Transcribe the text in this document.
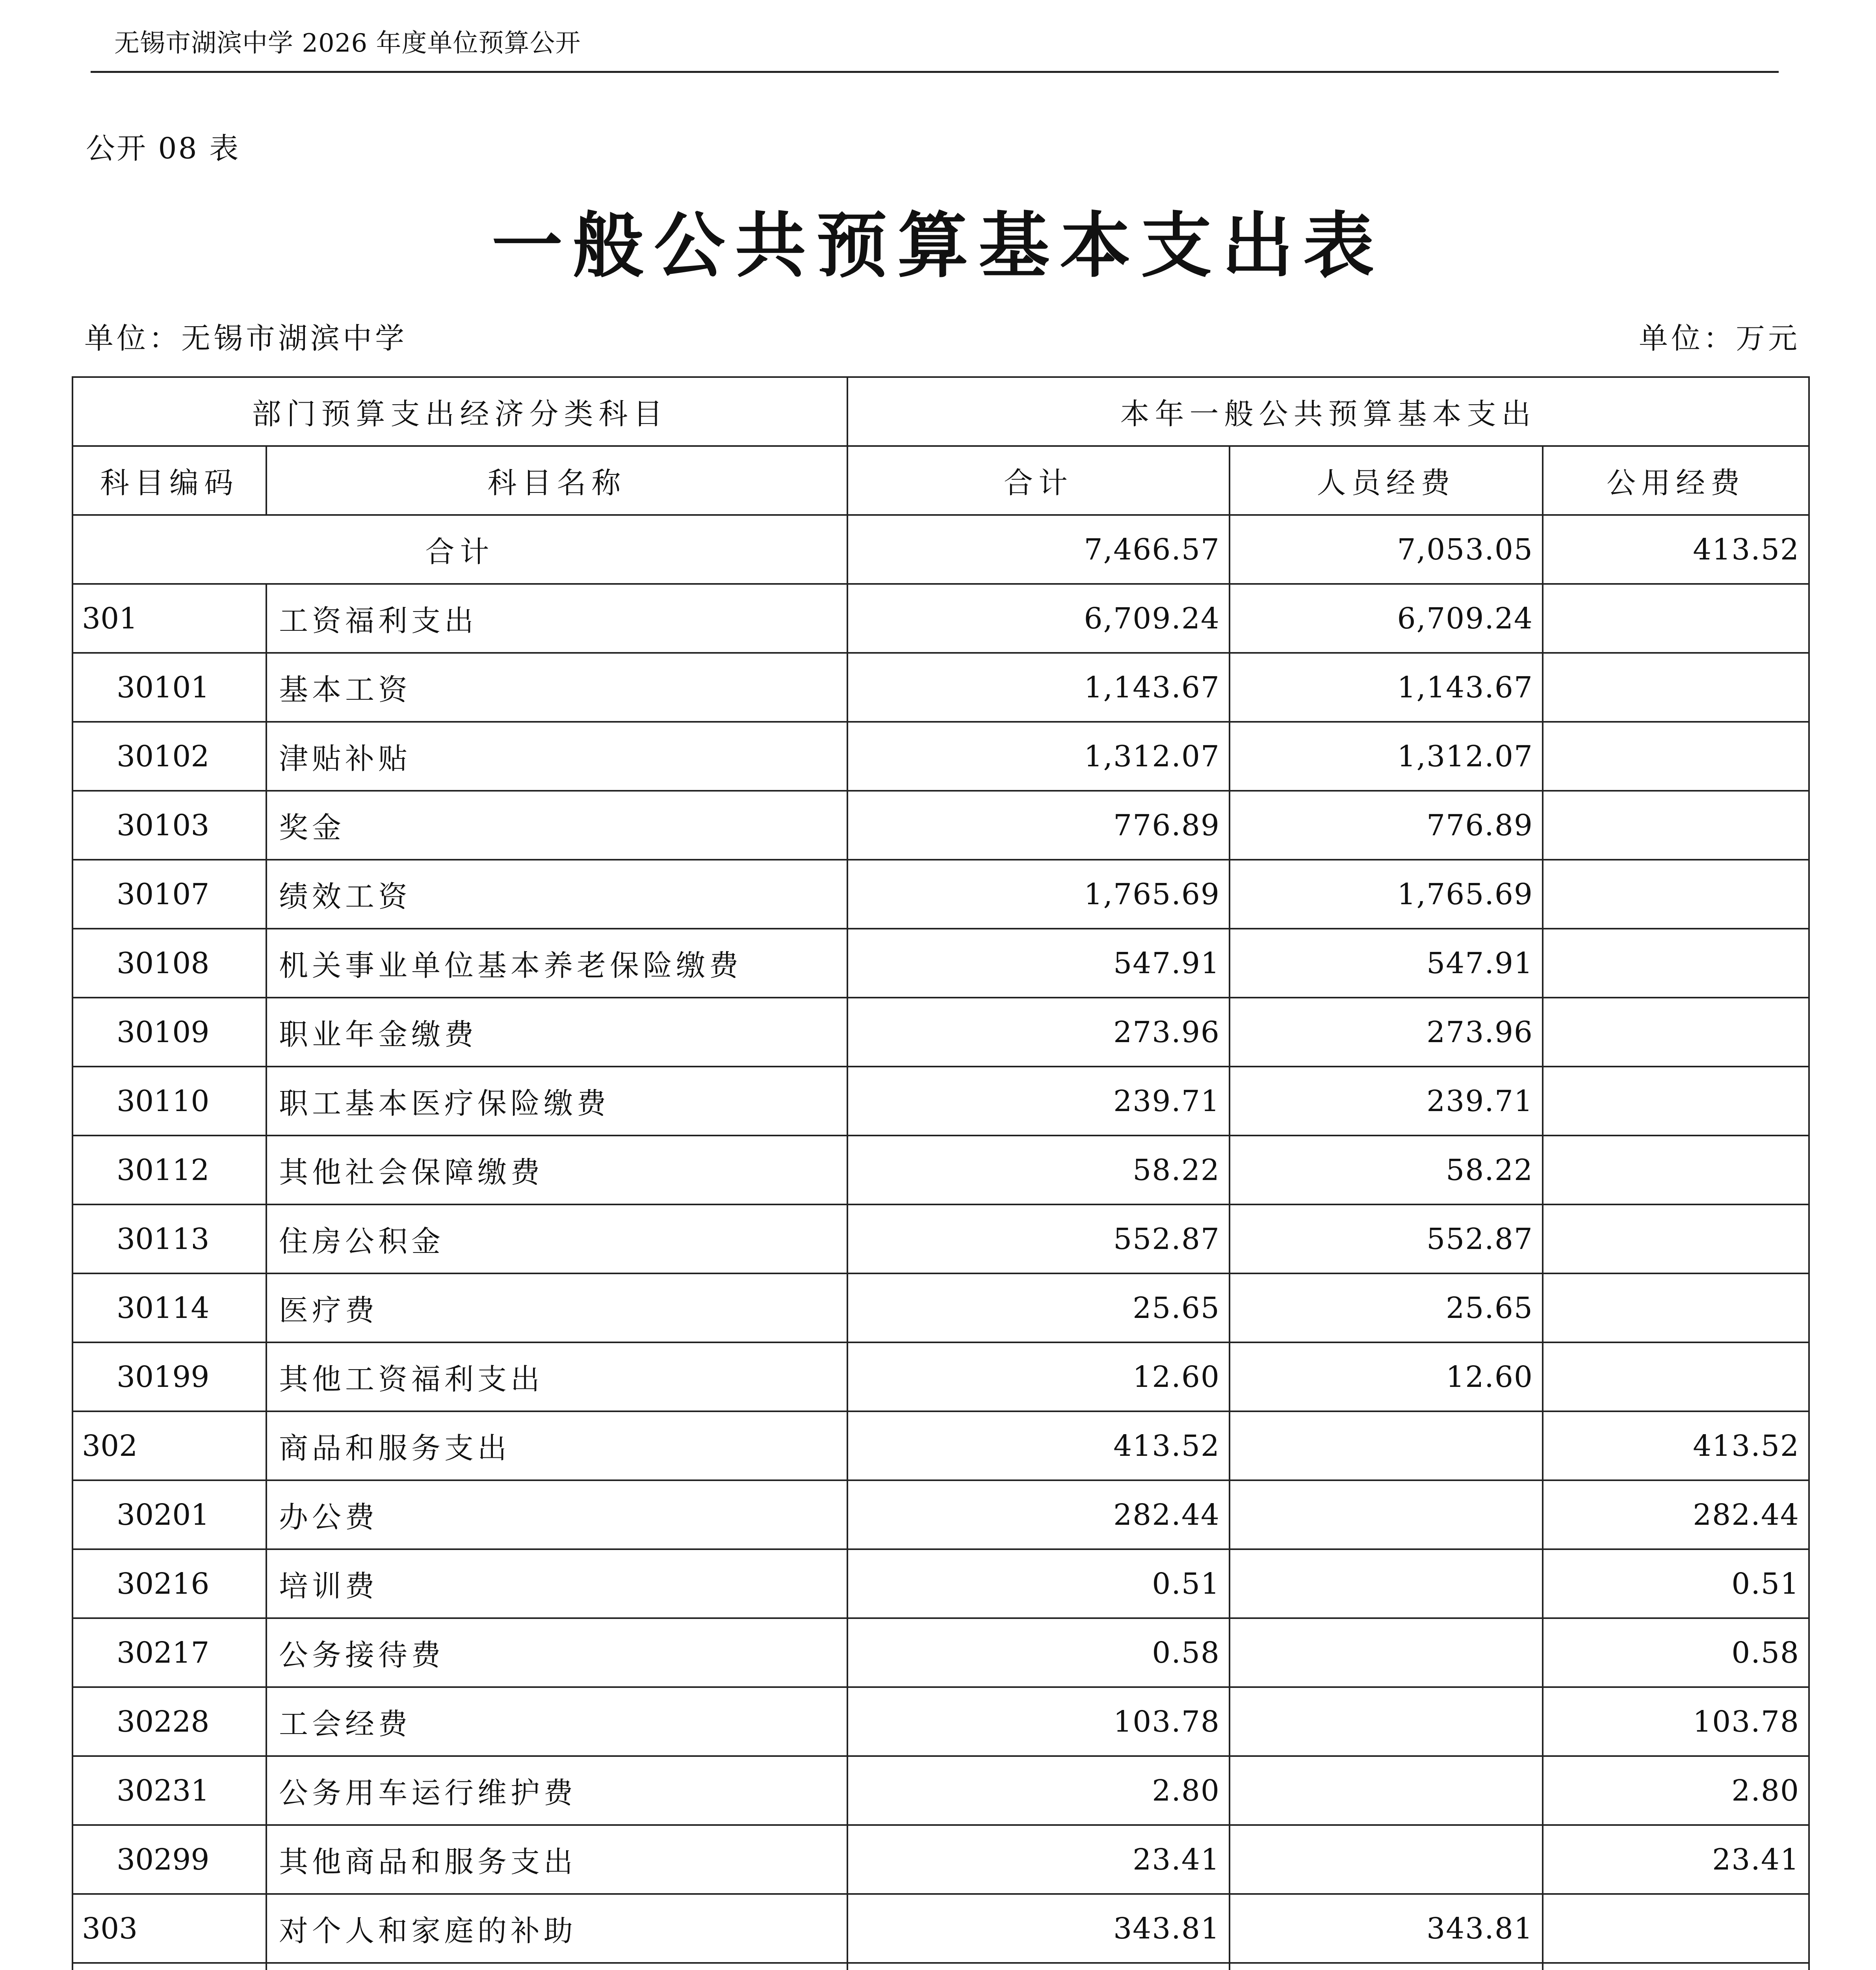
无锡市湖滨中学 2026 年度单位预算公开
公开 08 表
一般公共预算基本支出表
单位：无锡市湖滨中学	单位：万元
部门预算支出经济分类科目		本年一般公共预算基本支出		
科目编码	科目名称	合计	人员经费	公用经费
合计		7,466.57	7,053.05	413.52
301	工资福利支出	6,709.24	6,709.24	
30101	基本工资	1,143.67	1,143.67	
30102	津贴补贴	1,312.07	1,312.07	
30103	奖金	776.89	776.89	
30107	绩效工资	1,765.69	1,765.69	
30108	机关事业单位基本养老保险缴费	547.91	547.91	
30109	职业年金缴费	273.96	273.96	
30110	职工基本医疗保险缴费	239.71	239.71	
30112	其他社会保障缴费	58.22	58.22	
30113	住房公积金	552.87	552.87	
30114	医疗费	25.65	25.65	
30199	其他工资福利支出	12.60	12.60	
302	商品和服务支出	413.52		413.52
30201	办公费	282.44		282.44
30216	培训费	0.51		0.51
30217	公务接待费	0.58		0.58
30228	工会经费	103.78		103.78
30231	公务用车运行维护费	2.80		2.80
30299	其他商品和服务支出	23.41		23.41
303	对个人和家庭的补助	343.81	343.81	
